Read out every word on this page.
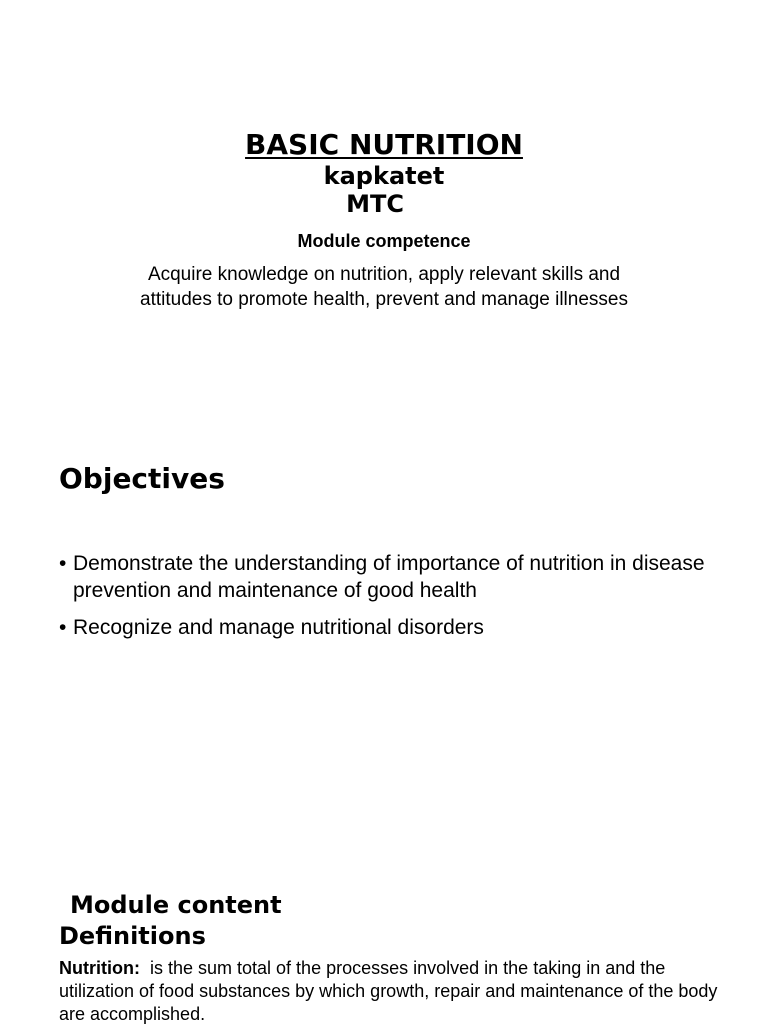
BASIC NUTRITION
kapkatet
MTC
Module competence
Acquire knowledge on nutrition, apply relevant skills and attitudes to promote health, prevent and manage illnesses
Objectives
• Demonstrate the understanding of importance of nutrition in disease prevention and maintenance of good health
• Recognize and manage nutritional disorders
Module content
Definitions
Nutrition:  is the sum total of the processes involved in the taking in and the utilization of food substances by which growth, repair and maintenance of the body are accomplished.
